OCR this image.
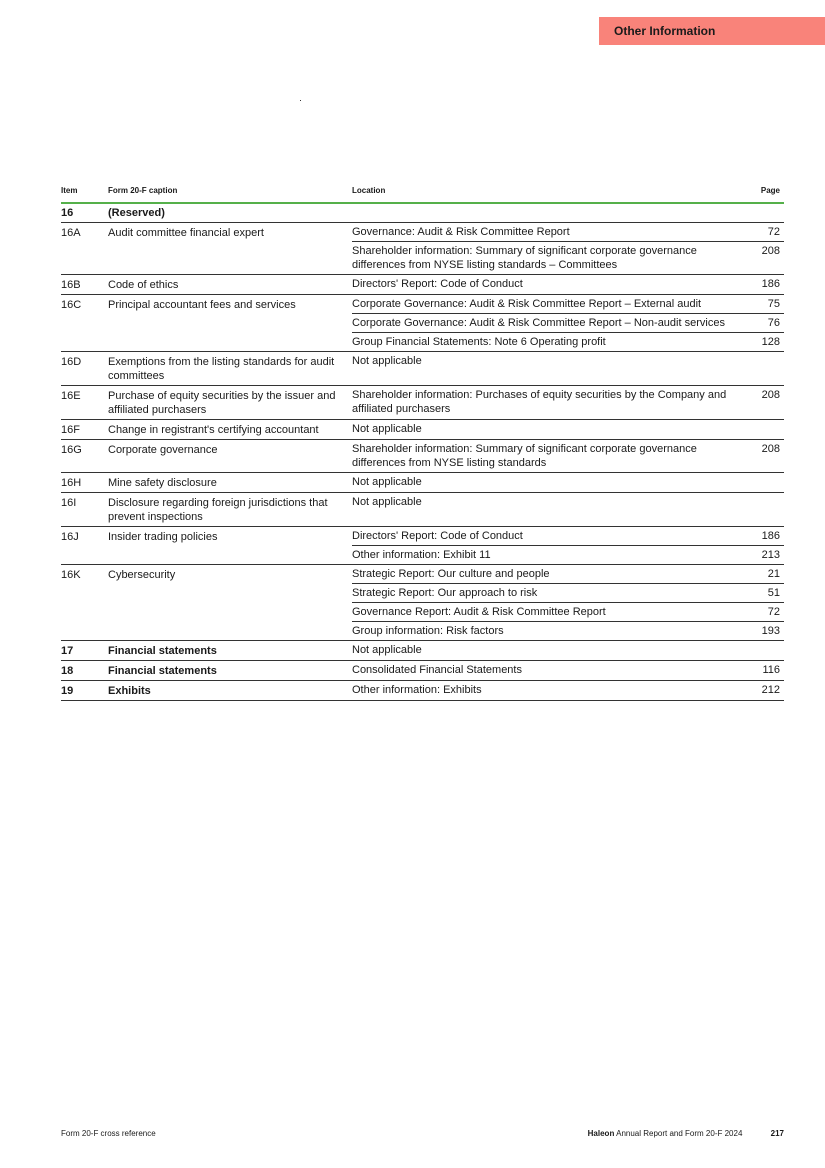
Other Information
Item	Form 20-F caption	Location	Page
16	(Reserved)		
16A	Audit committee financial expert	Governance: Audit & Risk Committee Report	72
		Shareholder information: Summary of significant corporate governance differences from NYSE listing standards – Committees	208
16B	Code of ethics	Directors' Report: Code of Conduct	186
16C	Principal accountant fees and services	Corporate Governance: Audit & Risk Committee Report – External audit	75
		Corporate Governance: Audit & Risk Committee Report – Non-audit services	76
		Group Financial Statements: Note 6 Operating profit	128
16D	Exemptions from the listing standards for audit committees	Not applicable	
16E	Purchase of equity securities by the issuer and affiliated purchasers	Shareholder information: Purchases of equity securities by the Company and affiliated purchasers	208
16F	Change in registrant's certifying accountant	Not applicable	
16G	Corporate governance	Shareholder information: Summary of significant corporate governance differences from NYSE listing standards	208
16H	Mine safety disclosure	Not applicable	
16I	Disclosure regarding foreign jurisdictions that prevent inspections	Not applicable	
16J	Insider trading policies	Directors' Report: Code of Conduct	186
		Other information: Exhibit 11	213
16K	Cybersecurity	Strategic Report: Our culture and people	21
		Strategic Report: Our approach to risk	51
		Governance Report: Audit & Risk Committee Report	72
		Group information: Risk factors	193
17	Financial statements	Not applicable	
18	Financial statements	Consolidated Financial Statements	116
19	Exhibits	Other information: Exhibits	212
Form 20-F cross reference	Haleon Annual Report and Form 20-F 2024	217
